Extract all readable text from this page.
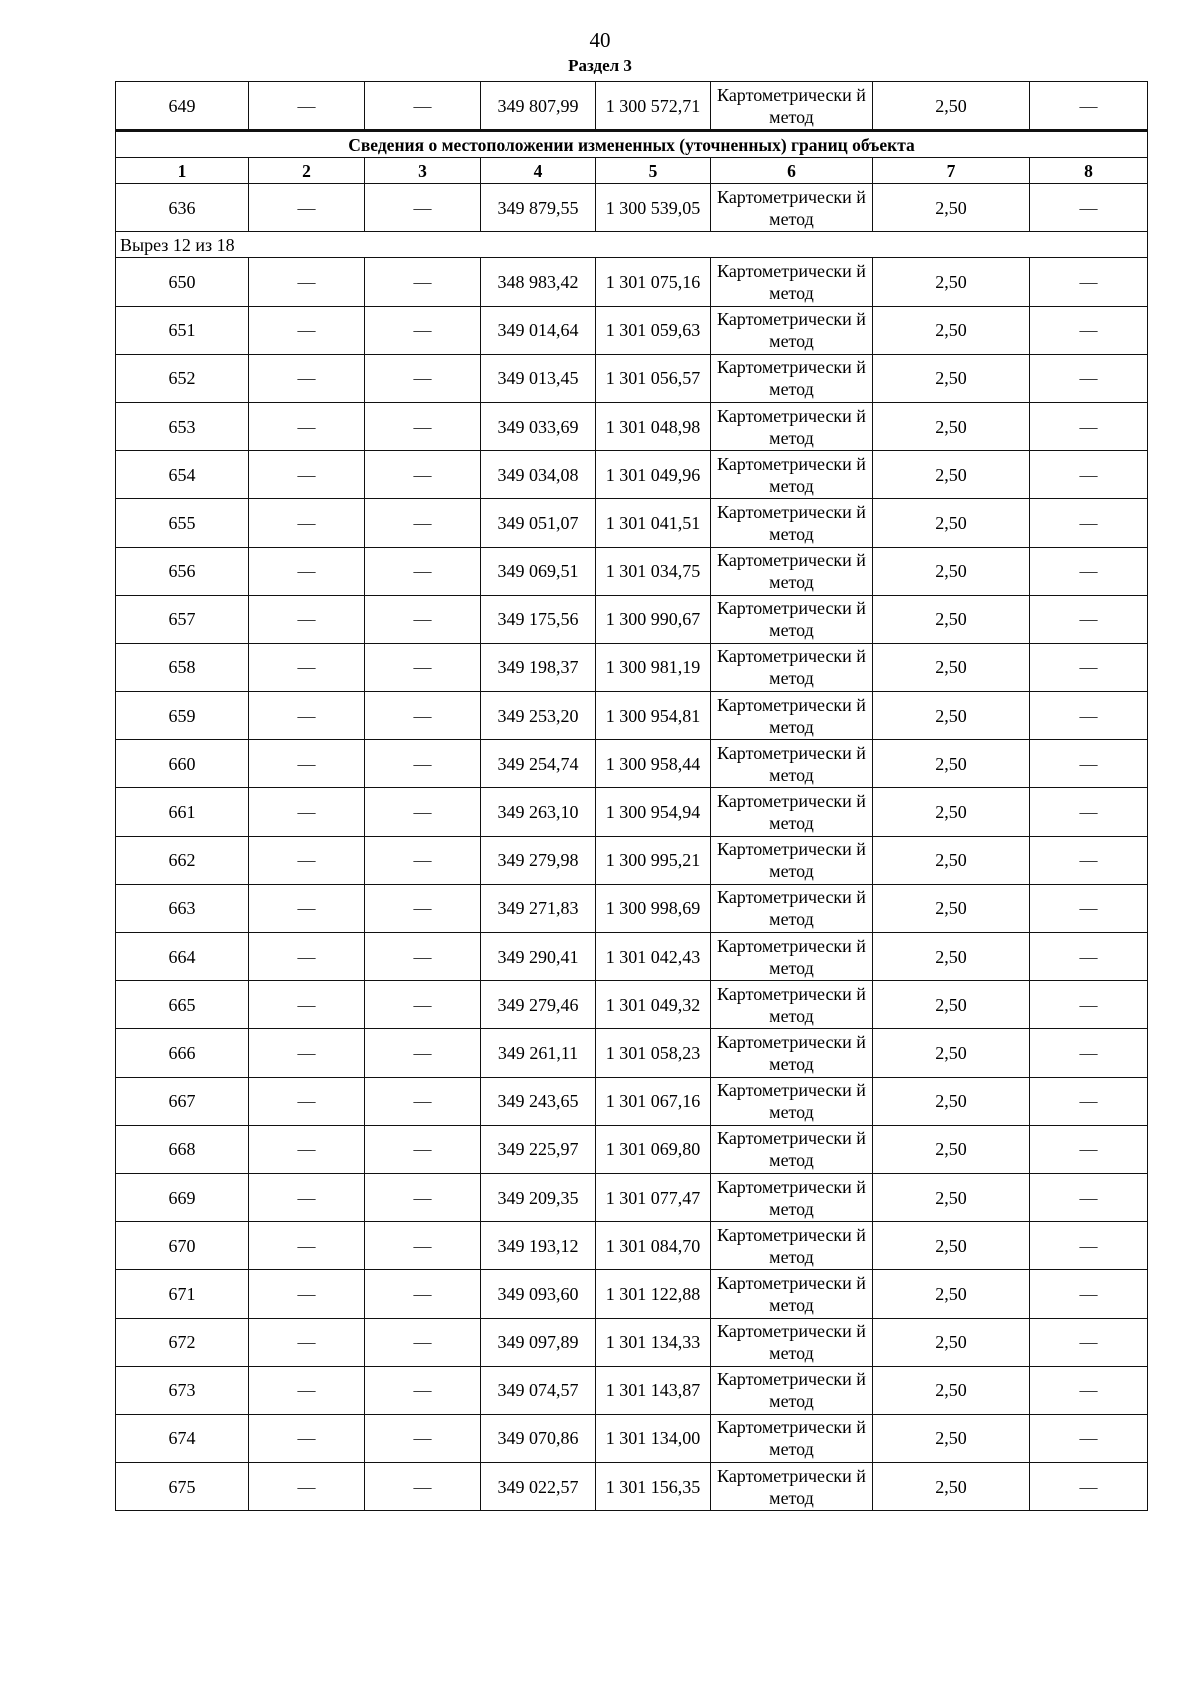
40
Раздел 3
649	—	—	349 807,99	1 300 572,71	Картометрически й метод	2,50	—
Сведения о местоположении измененных (уточненных) границ объекта							
1	2	3	4	5	6	7	8
636	—	—	349 879,55	1 300 539,05	Картометрически й метод	2,50	—
Вырез 12 из 18							
650	—	—	348 983,42	1 301 075,16	Картометрически й метод	2,50	—
651	—	—	349 014,64	1 301 059,63	Картометрически й метод	2,50	—
652	—	—	349 013,45	1 301 056,57	Картометрически й метод	2,50	—
653	—	—	349 033,69	1 301 048,98	Картометрически й метод	2,50	—
654	—	—	349 034,08	1 301 049,96	Картометрически й метод	2,50	—
655	—	—	349 051,07	1 301 041,51	Картометрически й метод	2,50	—
656	—	—	349 069,51	1 301 034,75	Картометрически й метод	2,50	—
657	—	—	349 175,56	1 300 990,67	Картометрически й метод	2,50	—
658	—	—	349 198,37	1 300 981,19	Картометрически й метод	2,50	—
659	—	—	349 253,20	1 300 954,81	Картометрически й метод	2,50	—
660	—	—	349 254,74	1 300 958,44	Картометрически й метод	2,50	—
661	—	—	349 263,10	1 300 954,94	Картометрически й метод	2,50	—
662	—	—	349 279,98	1 300 995,21	Картометрически й метод	2,50	—
663	—	—	349 271,83	1 300 998,69	Картометрически й метод	2,50	—
664	—	—	349 290,41	1 301 042,43	Картометрически й метод	2,50	—
665	—	—	349 279,46	1 301 049,32	Картометрически й метод	2,50	—
666	—	—	349 261,11	1 301 058,23	Картометрически й метод	2,50	—
667	—	—	349 243,65	1 301 067,16	Картометрически й метод	2,50	—
668	—	—	349 225,97	1 301 069,80	Картометрически й метод	2,50	—
669	—	—	349 209,35	1 301 077,47	Картометрически й метод	2,50	—
670	—	—	349 193,12	1 301 084,70	Картометрически й метод	2,50	—
671	—	—	349 093,60	1 301 122,88	Картометрически й метод	2,50	—
672	—	—	349 097,89	1 301 134,33	Картометрически й метод	2,50	—
673	—	—	349 074,57	1 301 143,87	Картометрически й метод	2,50	—
674	—	—	349 070,86	1 301 134,00	Картометрически й метод	2,50	—
675	—	—	349 022,57	1 301 156,35	Картометрически й метод	2,50	—
